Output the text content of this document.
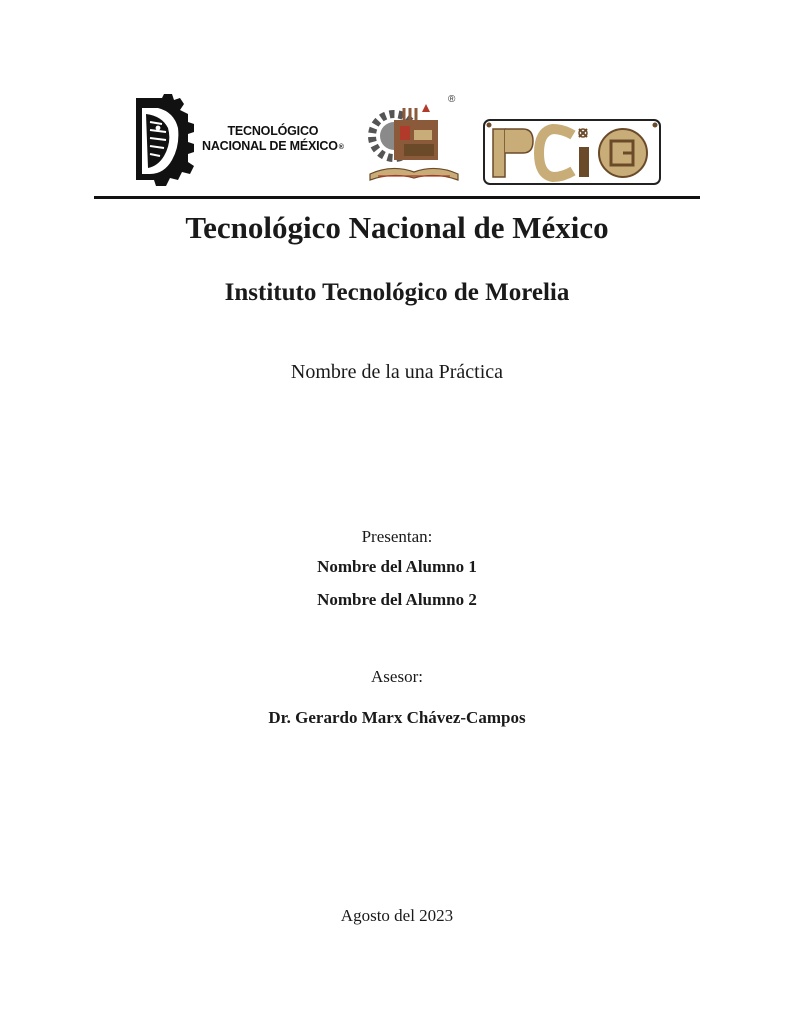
TECNOLÓGICO
NACIONAL DE MÉXICO®
®
Tecnológico Nacional de México
Instituto Tecnológico de Morelia
Nombre de la una Práctica
Presentan:
Nombre del Alumno 1
Nombre del Alumno 2
Asesor:
Dr. Gerardo Marx Chávez-Campos
Agosto del 2023
